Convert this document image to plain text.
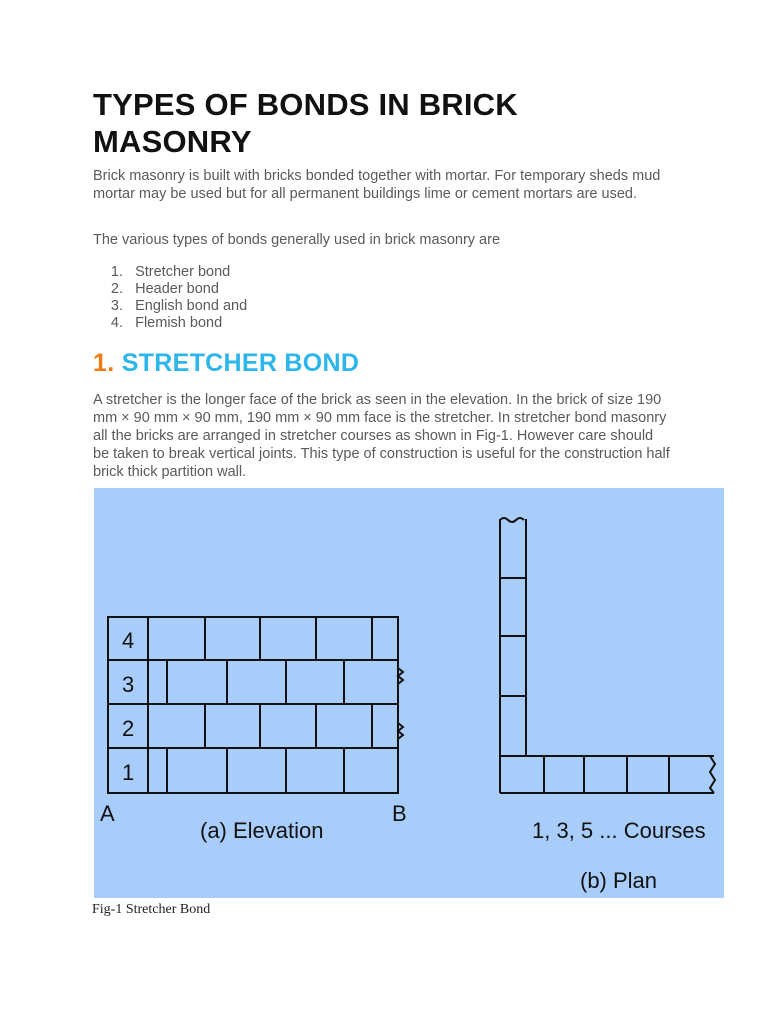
TYPES OF BONDS IN BRICK MASONRY

Brick masonry is built with bricks bonded together with mortar. For temporary sheds mud mortar may be used but for all permanent buildings lime or cement mortars are used.

The various types of bonds generally used in brick masonry are

1.
Stretcher bond
2.
Header bond
3.
English bond and
4.
Flemish bond
1. STRETCHER BOND

A stretcher is the longer face of the brick as seen in the elevation. In the brick of size 190 mm × 90 mm × 90 mm, 190 mm × 90 mm face is the stretcher. In stretcher bond masonry all the bricks are arranged in stretcher courses as shown in Fig-1. However care should be taken to break vertical joints. This type of construction is useful for the construction half brick thick partition wall.

4
3
2
1
A	B
(a) Elevation	1, 3, 5 ... Courses
(b) Plan

Fig-1 Stretcher Bond
